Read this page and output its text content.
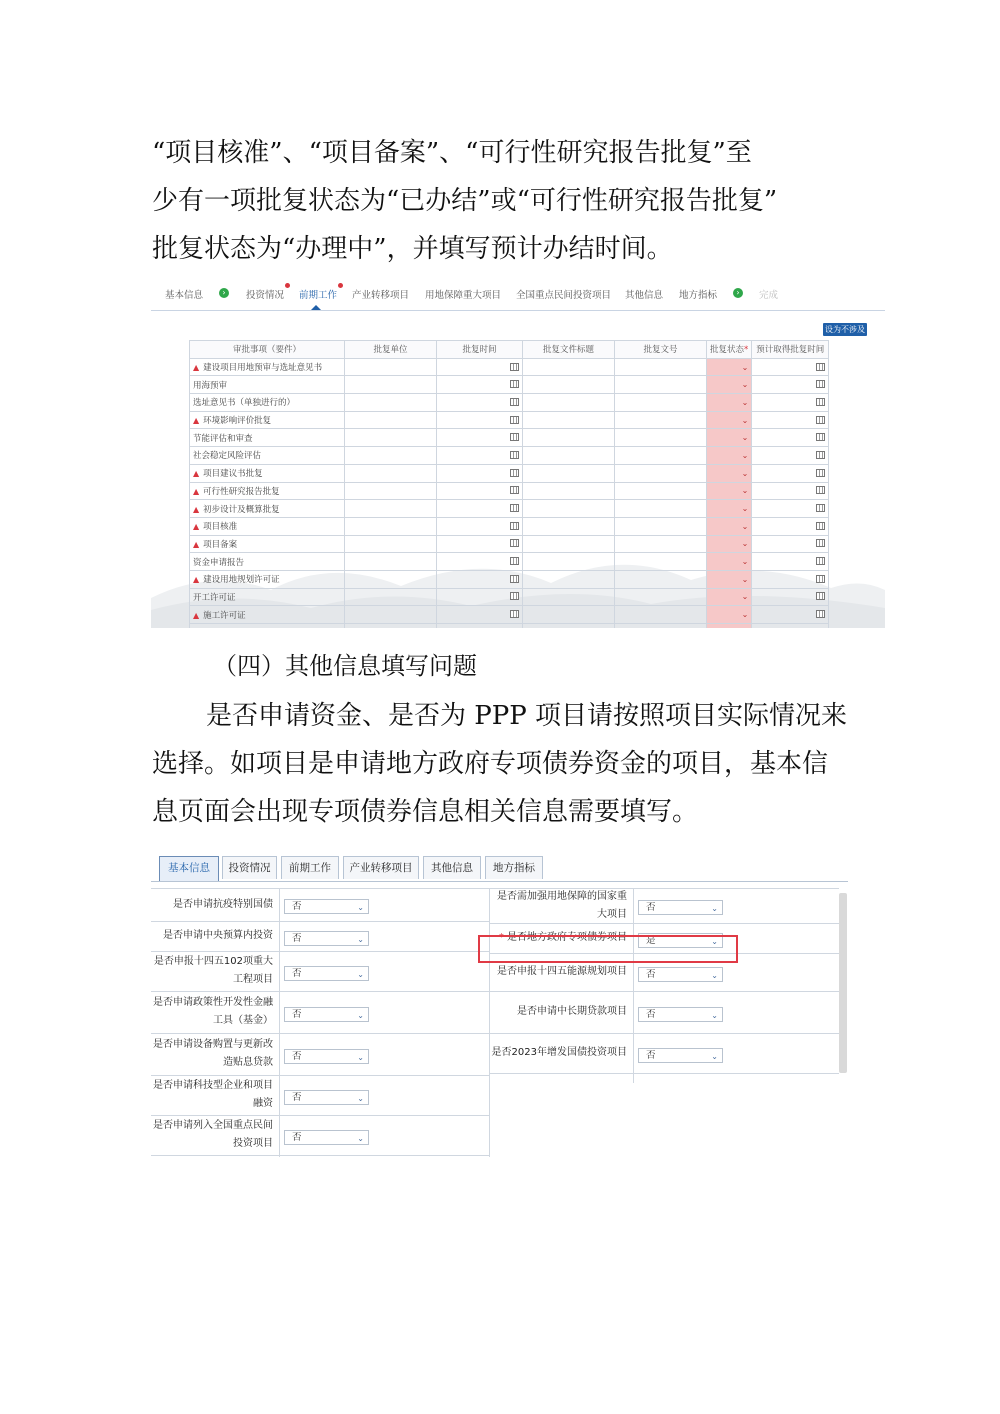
“项目核准”、“项目备案”、“可行性研究报告批复”至
少有一项批复状态为“已办结”或“可行性研究报告批复”
批复状态为“办理中”，并填写预计办结时间。
基本信息	›	投资情况 前期工作 产业转移项目 用地保障重大项目 全国重点民间投资项目 其他信息 地方指标	›	完成
设为不涉及
审批事项（要件）	批复单位	批复时间	批复文件标题	批复文号	批复状态*	预计取得批复时间
▲ 建设项目用地预审与选址意见书					⌄	
用海预审					⌄	
选址意见书（单独进行的）					⌄	
▲ 环境影响评价批复					⌄	
节能评估和审查					⌄	
社会稳定风险评估					⌄	
▲ 项目建议书批复					⌄	
▲ 可行性研究报告批复					⌄	
▲ 初步设计及概算批复					⌄	
▲ 项目核准					⌄	
▲ 项目备案					⌄	
资金申请报告					⌄	
▲ 建设用地规划许可证					⌄	
开工许可证					⌄	
▲ 施工许可证					⌄	

（四）其他信息填写问题
是否申请资金、是否为 PPP 项目请按照项目实际情况来
选择。如项目是申请地方政府专项债券资金的项目，基本信
息页面会出现专项债券信息相关信息需要填写。
基本信息	投资情况	前期工作	产业转移项目	其他信息	地方指标
是否申请抗疫特别国债	否	⌄
是否申请中央预算内投资	否	⌄
是否申报十四五102项重大
工程项目
否	⌄
是否申请政策性开发性金融
工具（基金）
否	⌄
是否申请设备购置与更新改
造贴息贷款
否	⌄
是否申请科技型企业和项目
融资
否	⌄
是否申请列入全国重点民间
投资项目
否	⌄
是否需加强用地保障的国家重
大项目
否	⌄
* 是否地方政府专项债券项目	是	⌄
是否申报十四五能源规划项目	否	⌄
是否申请中长期贷款项目	否	⌄
是否2023年增发国债投资项目	否	⌄
